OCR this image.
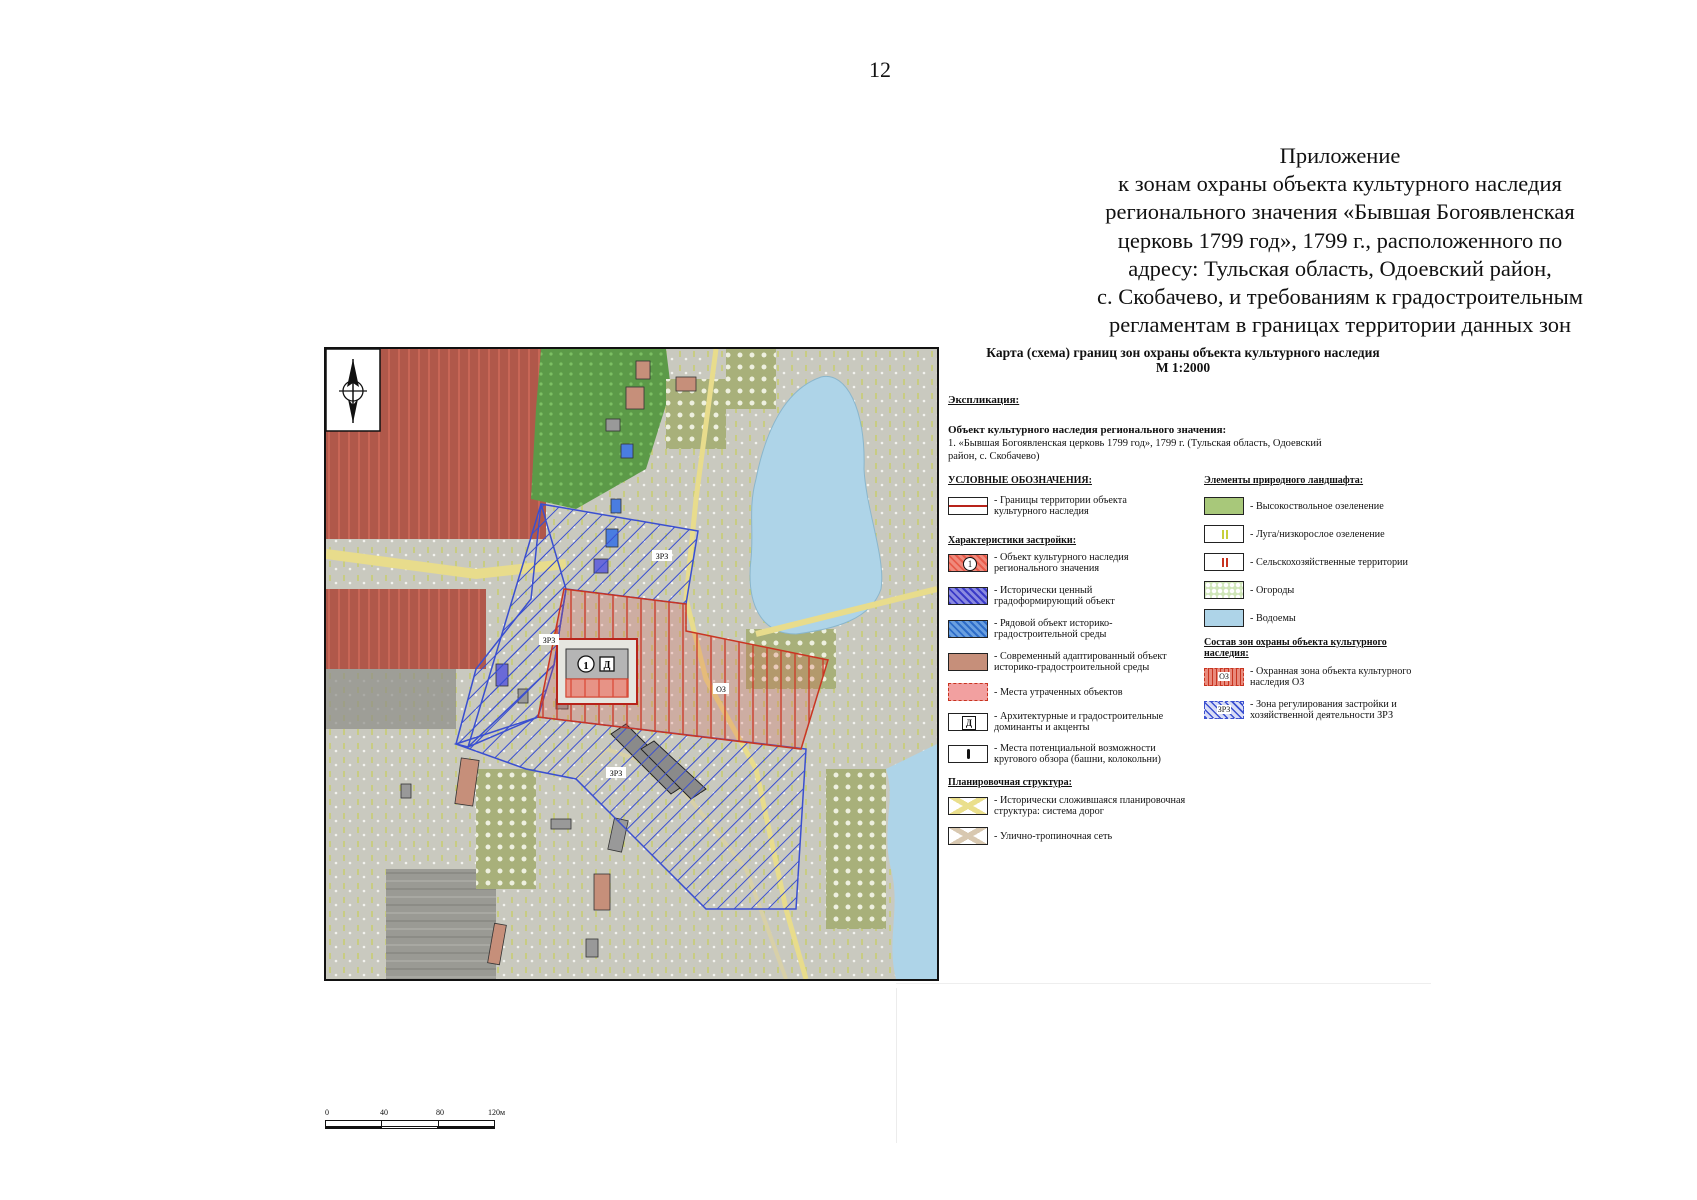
12
Приложение
к зонам охраны объекта культурного наследия
регионального значения «Бывшая Богоявленская
церковь 1799 год», 1799 г., расположенного по
адресу: Тульская область, Одоевский район,
с. Скобачево, и требованиям к градостроительным
регламентам в границах территории данных зон
1 Д
ЗРЗ
ЗРЗ
ЗРЗ
ОЗ
Карта (схема) границ зон охраны объекта культурного наследия
М 1:2000
Экспликация:
Объект культурного наследия регионального значения:
1. «Бывшая Богоявленская церковь 1799 год», 1799 г. (Тульская область, Одоевский
район, с. Скобачево)
УСЛОВНЫЕ ОБОЗНАЧЕНИЯ:
- Границы территории объекта культурного наследия
Характеристики застройки:
1
- Объект культурного наследия регионального значения
- Исторически ценный градоформирующий объект
- Рядовой объект историко-градостроительной среды
- Современный адаптированный объект историко-градостроительной среды
- Места утраченных объектов
Д
- Архитектурные и градостроительные доминанты и акценты
- Места потенциальной возможности кругового обзора (башни, колокольни)
Планировочная структура:
- Исторически сложившаяся планировочная структура: система дорог
- Улично-тропиночная сеть
Элементы природного ландшафта:
- Высокоствольное озеленение
- Луга/низкорослое озеленение
- Сельскохозяйственные территории
- Огороды
- Водоемы
Состав зон охраны объекта культурного наследия:
ОЗ	- Охранная зона объекта культурного наследия ОЗ
ЗРЗ	- Зона регулирования застройки и хозяйственной деятельности ЗРЗ
0	40	80	120м
